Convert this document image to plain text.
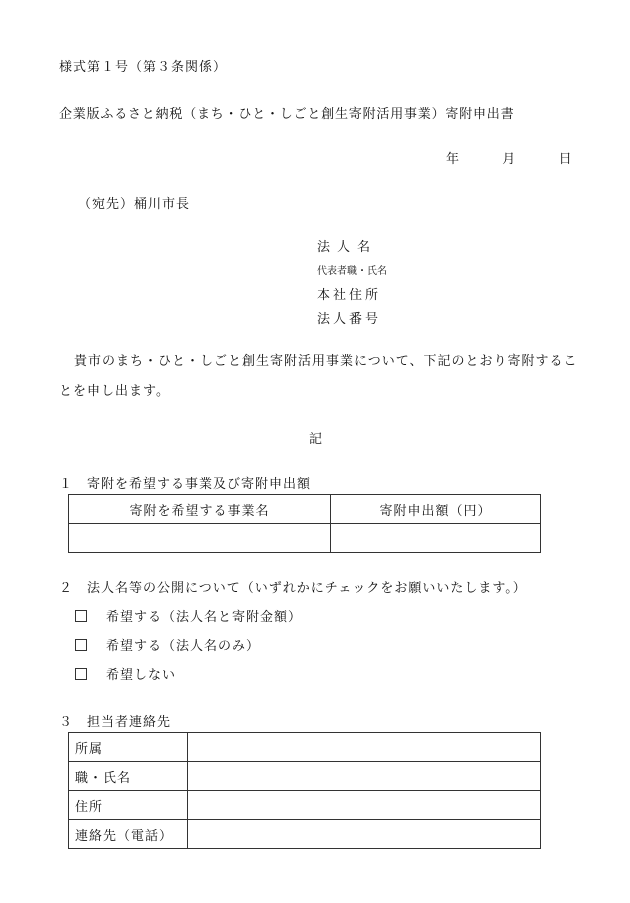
様式第１号（第３条関係）
企業版ふるさと納税（まち・ひと・しごと創生寄附活用事業）寄附申出書
年	月	日
（宛先）桶川市長
法人名
代表者職・氏名
本社住所
法人番号
貴市のまち・ひと・しごと創生寄附活用事業について、下記のとおり寄附することを申し出ます。
記
１　寄附を希望する事業及び寄附申出額
寄附を希望する事業名	寄附申出額（円）

２　法人名等の公開について（いずれかにチェックをお願いいたします。）
希望する（法人名と寄附金額）
希望する（法人名のみ）
希望しない
３　担当者連絡先
所属	
職・氏名	
住所	
連絡先（電話）	
